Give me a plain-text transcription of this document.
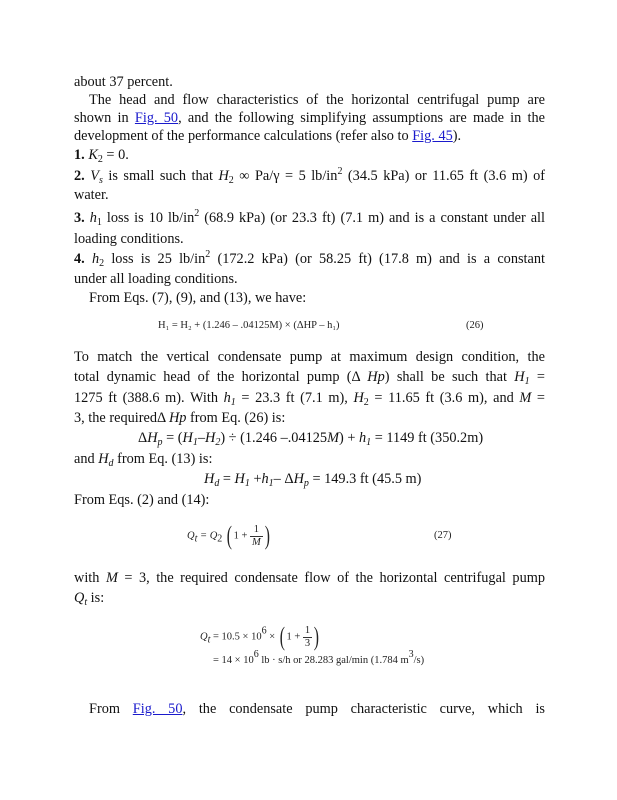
about 37 percent.
The head and flow characteristics of the horizontal centrifugal pump are
shown in Fig. 50, and the following simplifying assumptions are made in the
development of the performance calculations (refer also to Fig. 45).
1. $K_2 = 0$.
2. $V_s$ is small such that $H_2$ ∞ Pa/γ = 5 $lb/in^2$ (34.5 kPa) or 11.65 ft (3.6 m) of
water.
3. $h_1$ loss is 10 $lb/in^2$ (68.9 kPa) (or 23.3 ft) (7.1 m) and is a constant under all
loading conditions.
4. $h_2$ loss is 25 $lb/in^2$ (172.2 kPa) (or 58.25 ft) (17.8 m) and is a constant
under all loading conditions.
From Eqs. (7), (9), and (13), we have:
H₁ = H₂ + (1.246 – .04125M) × (ΔHP – h₁)	(26)
To match the vertical condensate pump at maximum design condition, the
total dynamic head of the horizontal pump (Δ Hp) shall be such that $H_1$ =
1275 ft (388.6 m). With $h_1 = 23.3$ ft (7.1 m), $H_2 = 11.65$ ft (3.6 m), and M =
3, the requiredΔ Hp from Eq. (26) is:
$\Delta H_p = (H_1-H_2) \div (1.246$ $-.04125M) + h_1 = 1149$ ft (350.2m)
and $H_d$ from Eq. (13) is:
$H_d = H_1 +h_1-$ $\Delta H_p = 149.3$ ft (45.5 m)
From Eqs. (2) and (14):
$Q_t = Q_2$ ( $1 + \frac{1}{M}$ )	(27)
with M = 3, the required condensate flow of the horizontal centrifugal pump
$Q_t$ is:
$Q_t = 10.5 \times 10^6$ × ( $1 + \frac{1}{3}$ )
= $14 \times 10^6$ lb · s/h or 28.283 gal/min (1.784 $m^3/s$)
From Fig. 50, the condensate pump characteristic curve, which is
